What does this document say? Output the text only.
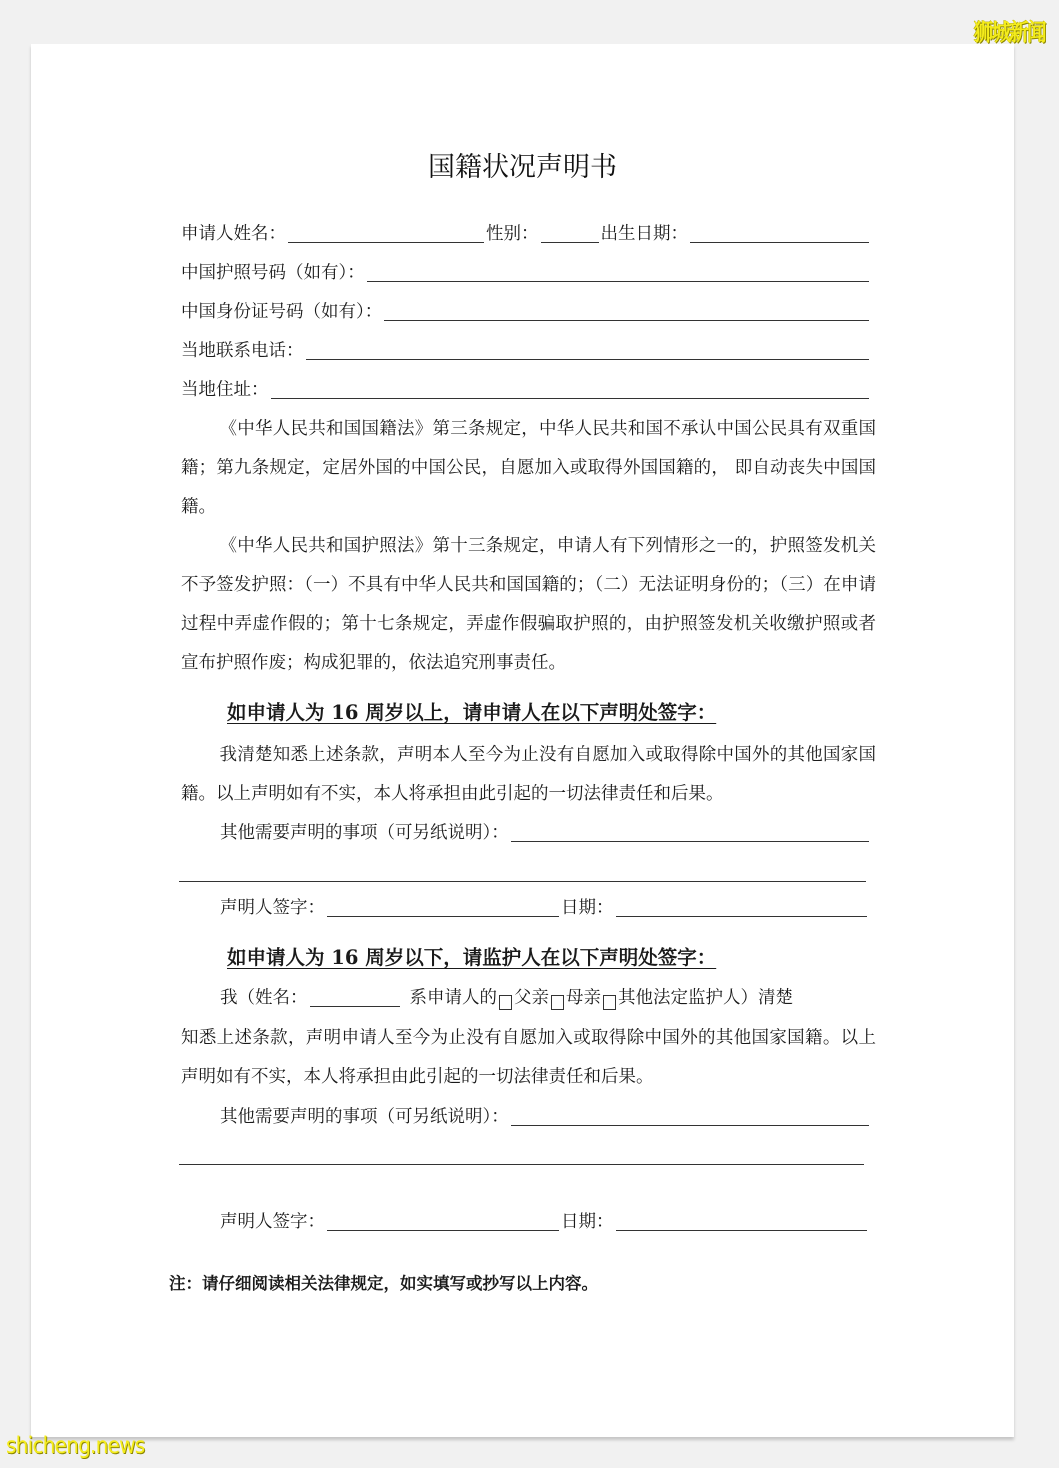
狮城新闻
国籍状况声明书
申请人姓名：	性别：	出生日期：
中国护照号码（如有）：
中国身份证号码（如有）：
当地联系电话：
当地住址：
《中华人民共和国国籍法》第三条规定，中华人民共和国不承认中国公民具有双重国籍；第九条规定，定居外国的中国公民，自愿加入或取得外国国籍的， 即自动丧失中国国籍。
《中华人民共和国护照法》第十三条规定，申请人有下列情形之一的，护照签发机关不予签发护照：（一）不具有中华人民共和国国籍的；（二）无法证明身份的；（三）在申请过程中弄虚作假的；第十七条规定，弄虚作假骗取护照的，由护照签发机关收缴护照或者宣布护照作废；构成犯罪的，依法追究刑事责任。
如申请人为 16 周岁以上，请申请人在以下声明处签字：
我清楚知悉上述条款，声明本人至今为止没有自愿加入或取得除中国外的其他国家国籍。以上声明如有不实，本人将承担由此引起的一切法律责任和后果。
其他需要声明的事项（可另纸说明）：
声明人签字：	日期：
如申请人为 16 周岁以下，请监护人在以下声明处签字：
我（姓名：	系申请人的 父亲 母亲 其他法定监护人 ）清楚
知悉上述条款，声明申请人至今为止没有自愿加入或取得除中国外的其他国家国籍。以上声明如有不实，本人将承担由此引起的一切法律责任和后果。
其他需要声明的事项（可另纸说明）：
声明人签字：	日期：
注：请仔细阅读相关法律规定，如实填写或抄写以上内容。
shicheng.news
